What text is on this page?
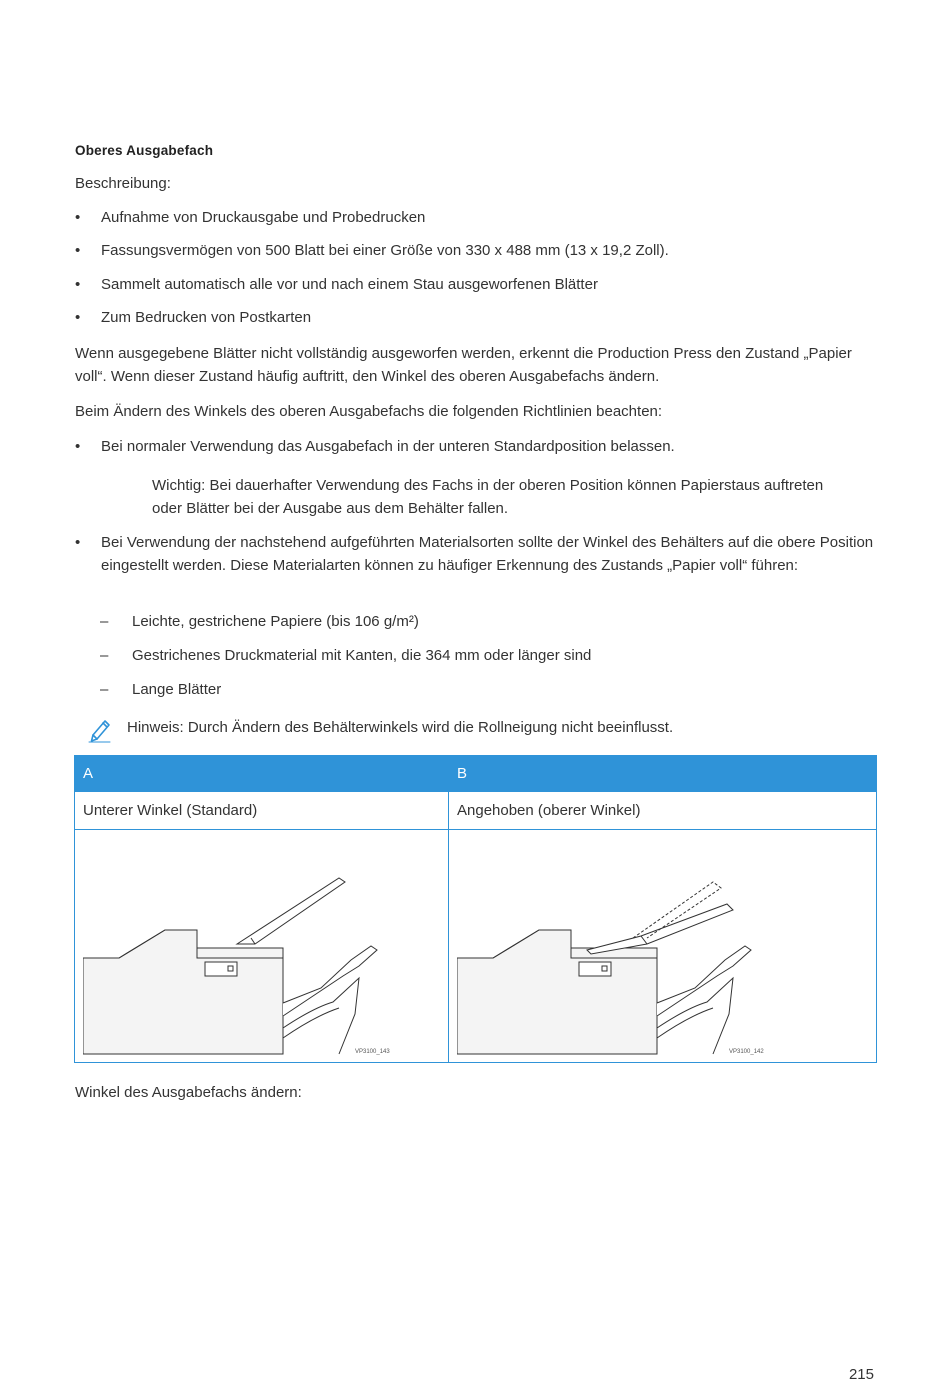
Oberes Ausgabefach
Beschreibung:
•	Aufnahme von Druckausgabe und Probedrucken
•	Fassungsvermögen von 500 Blatt bei einer Größe von 330 x 488 mm (13 x 19,2 Zoll).
•	Sammelt automatisch alle vor und nach einem Stau ausgeworfenen Blätter
•	Zum Bedrucken von Postkarten
Wenn ausgegebene Blätter nicht vollständig ausgeworfen werden, erkennt die Production Press den Zustand „Papier voll“. Wenn dieser Zustand häufig auftritt, den Winkel des oberen Ausgabefachs ändern.
Beim Ändern des Winkels des oberen Ausgabefachs die folgenden Richtlinien beachten:
•	Bei normaler Verwendung das Ausgabefach in der unteren Standardposition belassen.
Wichtig: Bei dauerhafter Verwendung des Fachs in der oberen Position können Papierstaus auftreten oder Blätter bei der Ausgabe aus dem Behälter fallen.
•	Bei Verwendung der nachstehend aufgeführten Materialsorten sollte der Winkel des Behälters auf die obere Position eingestellt werden. Diese Materialarten können zu häufiger Erkennung des Zustands „Papier voll“ führen:
– Leichte, gestrichene Papiere (bis 106 g/m²)
– Gestrichenes Druckmaterial mit Kanten, die 364 mm oder länger sind
– Lange Blätter
Hinweis: Durch Ändern des Behälterwinkels wird die Rollneigung nicht beeinflusst.
A	B
Unterer Winkel (Standard)	Angehoben (oberer Winkel)

VP3100_143	VP3100_142
Winkel des Ausgabefachs ändern:
215
